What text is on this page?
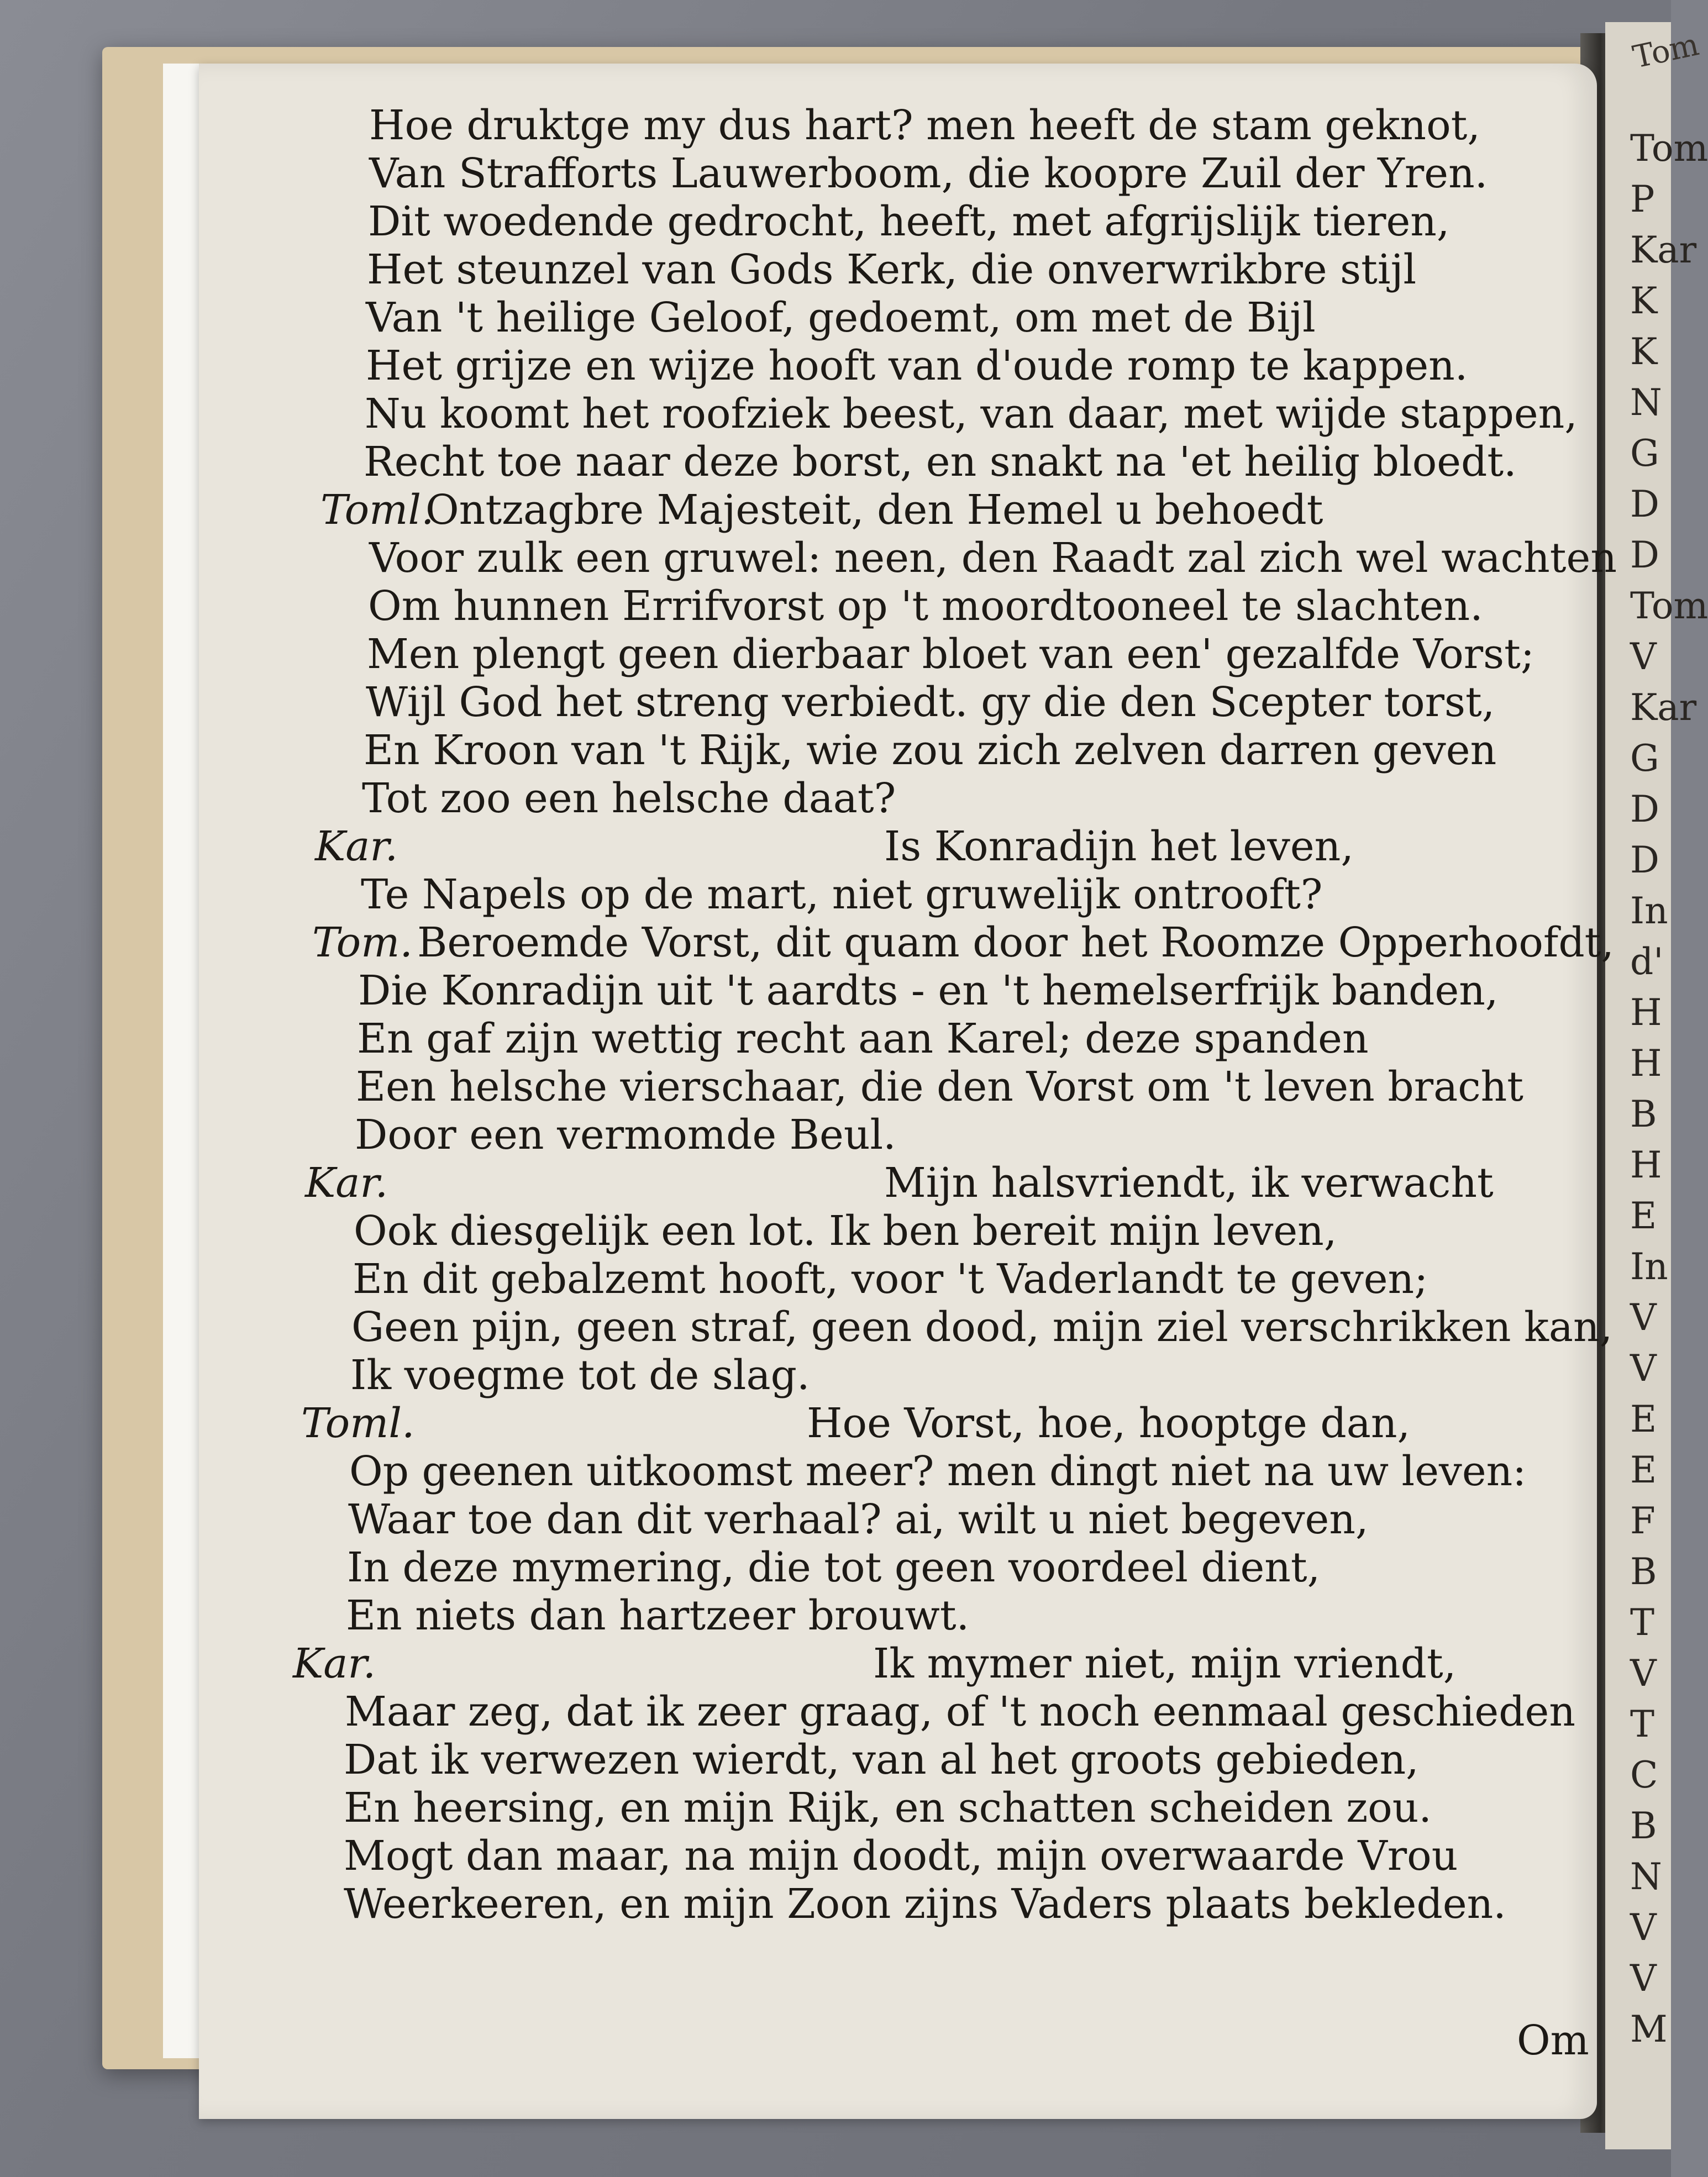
Hoe druktge my dus hart? men heeft de stam geknot,
Van Strafforts Lauwerboom, die koopre Zuil der Yren.
Dit woedende gedrocht, heeft, met afgrijslijk tieren,
Het steunzel van Gods Kerk, die onverwrikbre stijl
Van 't heilige Geloof, gedoemt, om met de Bijl
Het grijze en wijze hooft van d'oude romp te kappen.
Nu koomt het roofziek beest, van daar, met wijde stappen,
Recht toe naar deze borst, en snakt na 'et heilig bloedt.
Toml.
Ontzagbre Majesteit, den Hemel u behoedt
Voor zulk een gruwel: neen, den Raadt zal zich wel wachten
Om hunnen Errifvorst op 't moordtooneel te slachten.
Men plengt geen dierbaar bloet van een' gezalfde Vorst;
Wijl God het streng verbiedt. gy die den Scepter torst,
En Kroon van 't Rijk, wie zou zich zelven darren geven
Tot zoo een helsche daat?
Kar.	Is Konradijn het leven,
Te Napels op de mart, niet gruwelijk ontrooft?
Tom. Beroemde Vorst, dit quam door het Roomze Opperhoofdt,
Die Konradijn uit 't aardts - en 't hemelserfrijk banden,
En gaf zijn wettig recht aan Karel; deze spanden
Een helsche vierschaar, die den Vorst om 't leven bracht
Door een vermomde Beul.
Kar.	Mijn halsvriendt, ik verwacht
Ook diesgelijk een lot. Ik ben bereit mijn leven,
En dit gebalzemt hooft, voor 't Vaderlandt te geven;
Geen pijn, geen straf, geen dood, mijn ziel verschrikken kan,
Ik voegme tot de slag.
Toml.	Hoe Vorst, hoe, hooptge dan,
Op geenen uitkoomst meer? men dingt niet na uw leven:
Waar toe dan dit verhaal? ai, wilt u niet begeven,
In deze mymering, die tot geen voordeel dient,
En niets dan hartzeer brouwt.
Kar.	Ik mymer niet, mijn vriendt,
Maar zeg, dat ik zeer graag, of 't noch eenmaal geschieden
Dat ik verwezen wierdt, van al het groots gebieden,
En heersing, en mijn Rijk, en schatten scheiden zou.
Mogt dan maar, na mijn doodt, mijn overwaarde Vrou
Weerkeeren, en mijn Zoon zijns Vaders plaats bekleden.
Tom
P
Kar
K
K
N
G
D
D
Tom
V
Kar
G
D
D
In
d'
H
H
B
H
E
In
V
V
E
E
F
B
T
V
T
C
B
N
V
V
M
Tom
Om
